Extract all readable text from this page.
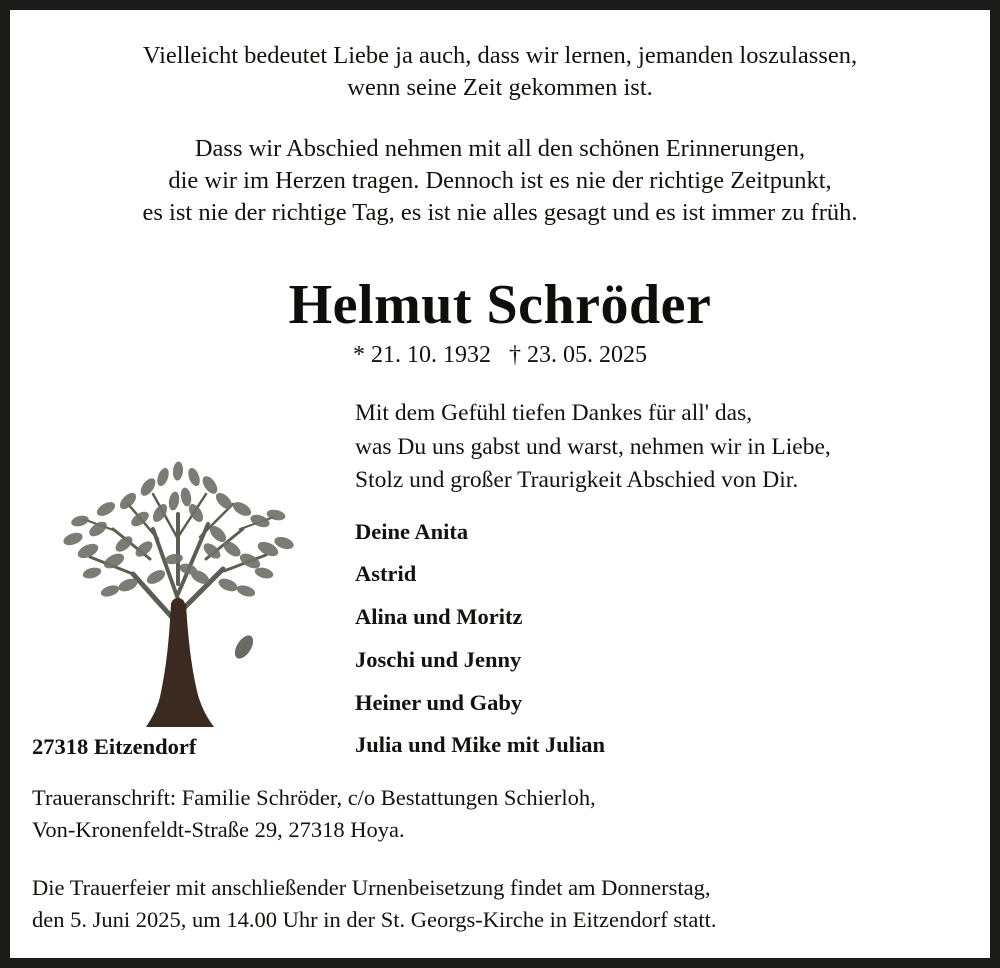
Vielleicht bedeutet Liebe ja auch, dass wir lernen, jemanden loszulassen,
wenn seine Zeit gekommen ist.
Dass wir Abschied nehmen mit all den schönen Erinnerungen,
die wir im Herzen tragen. Dennoch ist es nie der richtige Zeitpunkt,
es ist nie der richtige Tag, es ist nie alles gesagt und es ist immer zu früh.
Helmut Schröder
* 21. 10. 1932   † 23. 05. 2025
Mit dem Gefühl tiefen Dankes für all' das,
was Du uns gabst und warst, nehmen wir in Liebe,
Stolz und großer Traurigkeit Abschied von Dir.
Deine Anita
Astrid
Alina und Moritz
Joschi und Jenny
Heiner und Gaby
Julia und Mike mit Julian
27318 Eitzendorf
Traueranschrift: Familie Schröder, c/o Bestattungen Schierloh,
Von-Kronenfeldt-Straße 29, 27318 Hoya.
Die Trauerfeier mit anschließender Urnenbeisetzung findet am Donnerstag,
den 5. Juni 2025, um 14.00 Uhr in der St. Georgs-Kirche in Eitzendorf statt.
